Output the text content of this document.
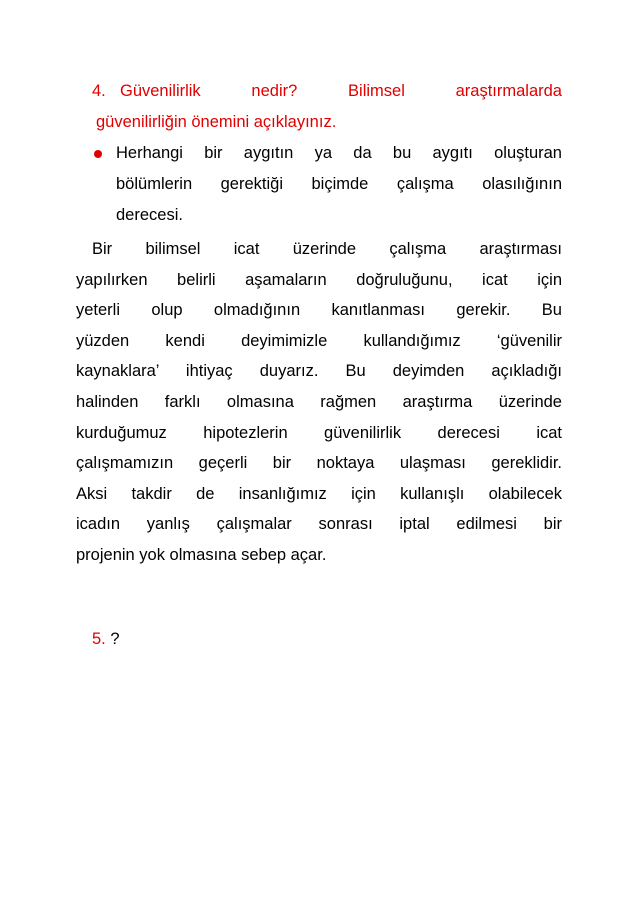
4. Güvenilirlik	nedir?	Bilimsel	araştırmalarda
güvenilirliğin önemini açıklayınız.
Herhangi bir aygıtın ya da bu aygıtı oluşturan
bölümlerin gerektiği biçimde çalışma olasılığının
derecesi.
Bir bilimsel icat üzerinde çalışma araştırması
yapılırken belirli aşamaların doğruluğunu, icat için
yeterli olup olmadığının kanıtlanması gerekir. Bu
yüzden kendi deyimimizle kullandığımız ‘güvenilir
kaynaklara’ ihtiyaç duyarız. Bu deyimden açıkladığı
halinden farklı olmasına rağmen araştırma üzerinde
kurduğumuz hipotezlerin güvenilirlik derecesi icat
çalışmamızın geçerli bir noktaya ulaşması gereklidir.
Aksi takdir de insanlığımız için kullanışlı olabilecek
icadın yanlış çalışmalar sonrası iptal edilmesi bir
projenin yok olmasına sebep açar.
5. ?
